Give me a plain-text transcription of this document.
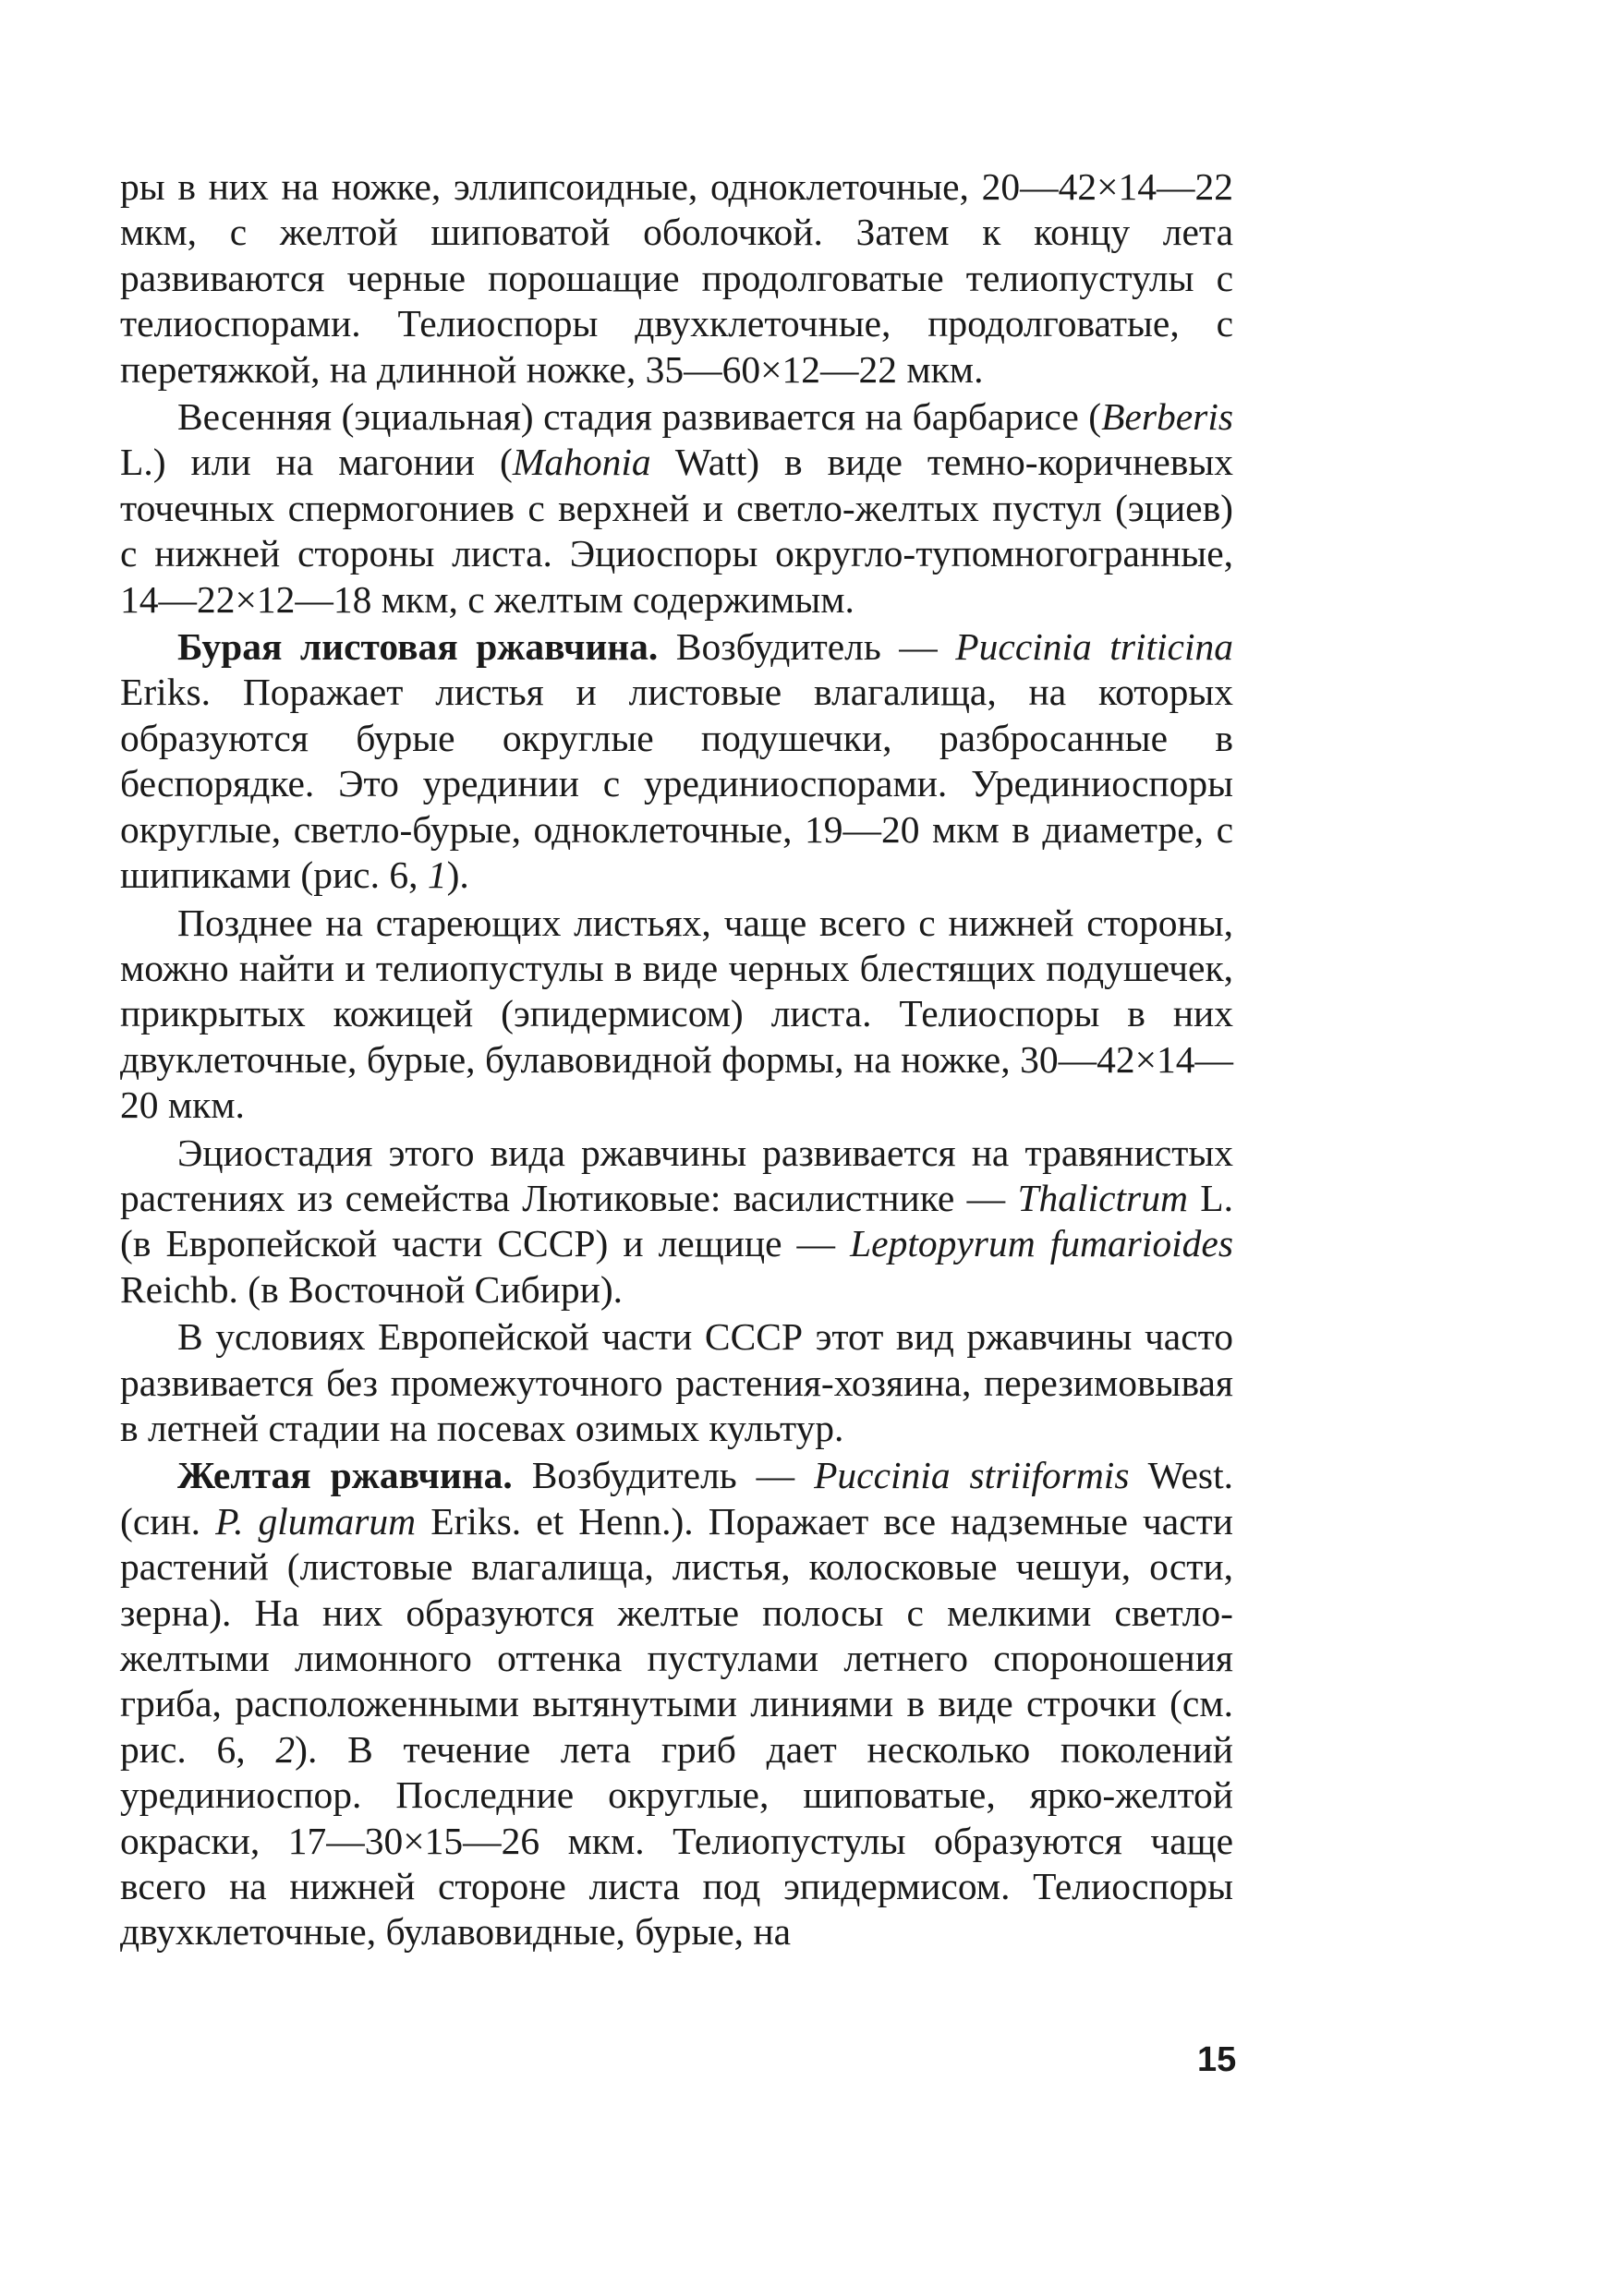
ры в них на ножке, эллипсоидные, одноклеточные, 20—42×14—22 мкм, с желтой шиповатой оболочкой. Затем к концу лета развиваются черные порошащие продолговатые телиопустулы с телиоспорами. Телиоспоры двухклеточные, продолговатые, с перетяжкой, на длинной ножке, 35—60×12—22 мкм.

Весенняя (эциальная) стадия развивается на барбарисе (Berberis L.) или на магонии (Mahonia Watt) в виде темно-коричневых точечных спермогониев с верхней и светло-желтых пустул (эциев) с нижней стороны листа. Эциоспоры округло-тупомногогранные, 14—22×12—18 мкм, с желтым содержимым.

Бурая листовая ржавчина. Возбудитель — Puccinia triticina Eriks. Поражает листья и листовые влагалища, на которых образуются бурые округлые подушечки, разбросанные в беспорядке. Это урединии с урединиоспорами. Урединиоспоры округлые, светло-бурые, одноклеточные, 19—20 мкм в диаметре, с шипиками (рис. 6, 1).

Позднее на стареющих листьях, чаще всего с нижней стороны, можно найти и телиопустулы в виде черных блестящих подушечек, прикрытых кожицей (эпидермисом) листа. Телиоспоры в них двуклеточные, бурые, булавовидной формы, на ножке, 30—42×14—20 мкм.

Эциостадия этого вида ржавчины развивается на травянистых растениях из семейства Лютиковые: василистнике — Thalictrum L. (в Европейской части СССР) и лещице — Leptopyrum fumarioides Reichb. (в Восточной Сибири).

В условиях Европейской части СССР этот вид ржавчины часто развивается без промежуточного растения-хозяина, перезимовывая в летней стадии на посевах озимых культур.

Желтая ржавчина. Возбудитель — Puccinia striiformis West. (син. P. glumarum Eriks. et Henn.). Поражает все надземные части растений (листовые влагалища, листья, колосковые чешуи, ости, зерна). На них образуются желтые полосы с мелкими светло-желтыми лимонного оттенка пустулами летнего спороношения гриба, расположенными вытянутыми линиями в виде строчки (см. рис. 6, 2). В течение лета гриб дает несколько поколений урединиоспор. Последние округлые, шиповатые, ярко-желтой окраски, 17—30×15—26 мкм. Телиопустулы образуются чаще всего на нижней стороне листа под эпидермисом. Телиоспоры двухклеточные, булавовидные, бурые, на

15
